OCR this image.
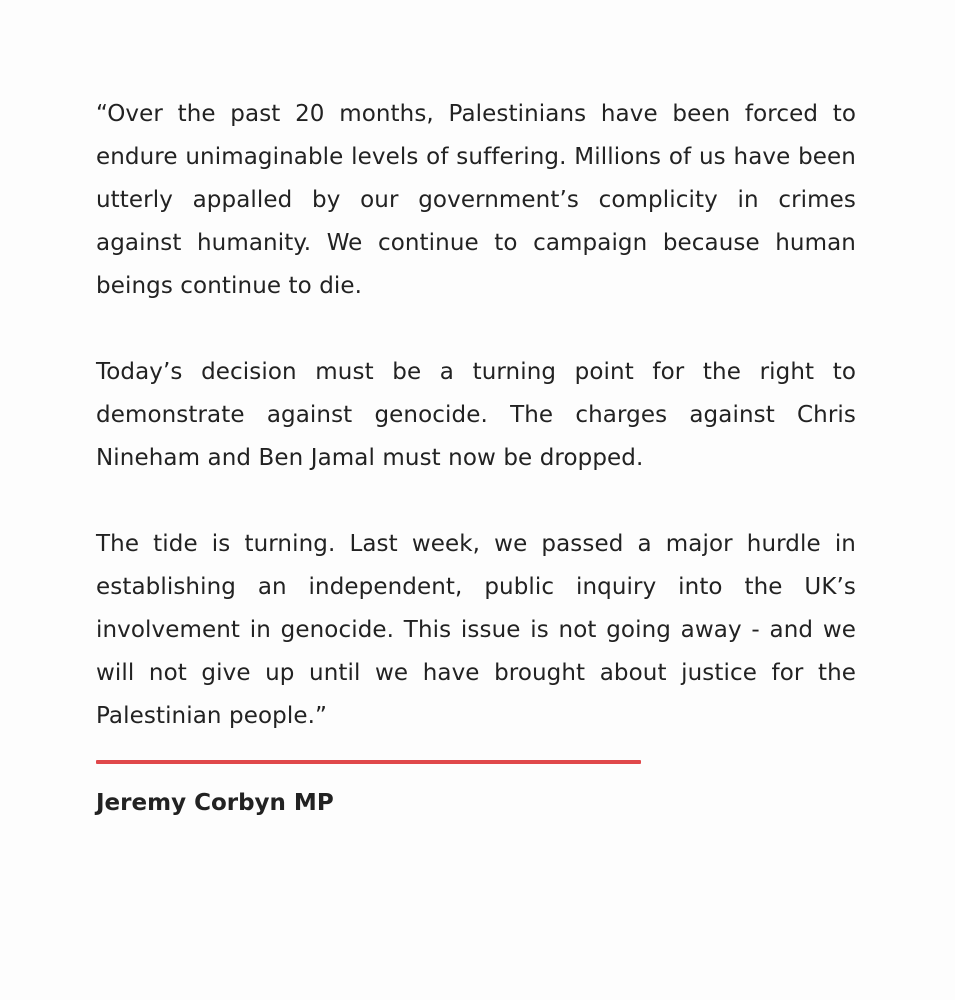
“Over the past 20 months, Palestinians have been forced to endure unimaginable levels of suffering. Millions of us have been utterly appalled by our government’s complicity in crimes against humanity. We continue to campaign because human beings continue to die.

Today’s decision must be a turning point for the right to demonstrate against genocide. The charges against Chris Nineham and Ben Jamal must now be dropped.

The tide is turning. Last week, we passed a major hurdle in establishing an independent, public inquiry into the UK’s involvement in genocide. This issue is not going away - and we will not give up until we have brought about justice for the Palestinian people.”

Jeremy Corbyn MP
